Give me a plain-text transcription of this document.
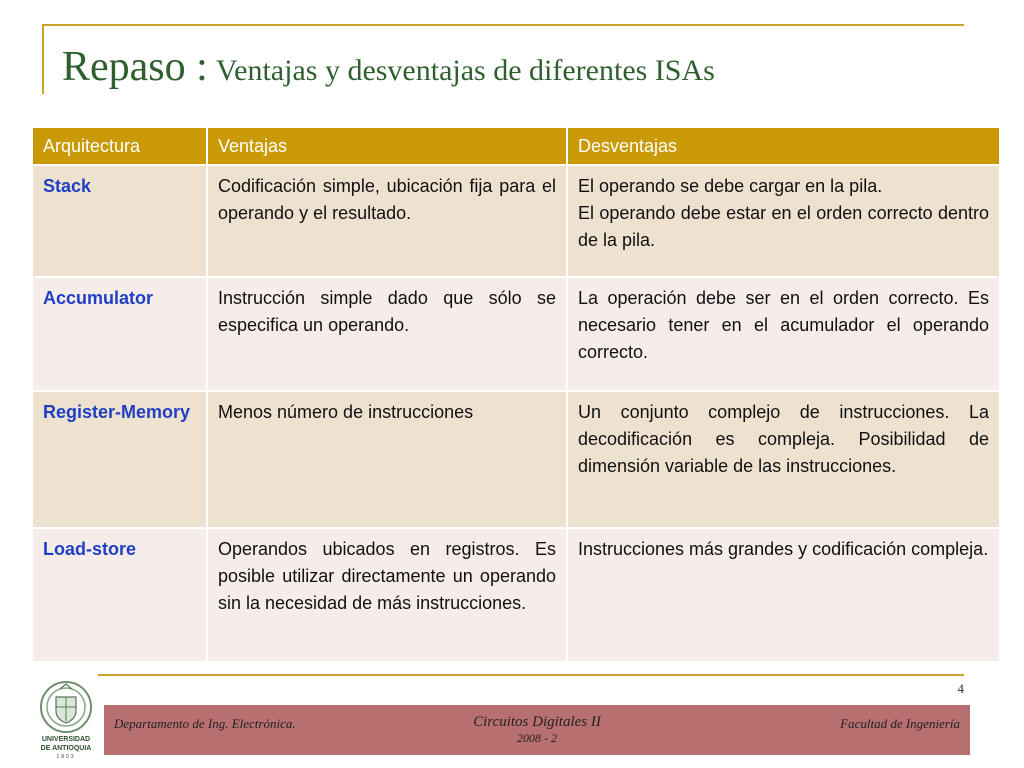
Repaso : Ventajas y desventajas de diferentes ISAs
Arquitectura	Ventajas	Desventajas
Stack	Codificación simple, ubicación fija para el operando y el resultado.	El operando se debe cargar en la pila.
El operando debe estar en el orden correcto dentro de la pila.

Accumulator	Instrucción simple dado que sólo se especifica un operando.	La operación debe ser en el orden correcto. Es necesario tener en el acumulador el operando correcto.

Register-Memory	Menos número de instrucciones	Un conjunto complejo de instrucciones. La decodificación es compleja. Posibilidad de dimensión variable de las instrucciones.

Load-store	Operandos ubicados en registros. Es posible utilizar directamente un operando sin la necesidad de más instrucciones.	Instrucciones más grandes y codificación compleja.
4
UNIVERSIDAD
DE ANTIOQUIA
1803
Departamento de Ing. Electrónica.	Circuitos Digitales II
2008 - 2
Facultad de Ingeniería
